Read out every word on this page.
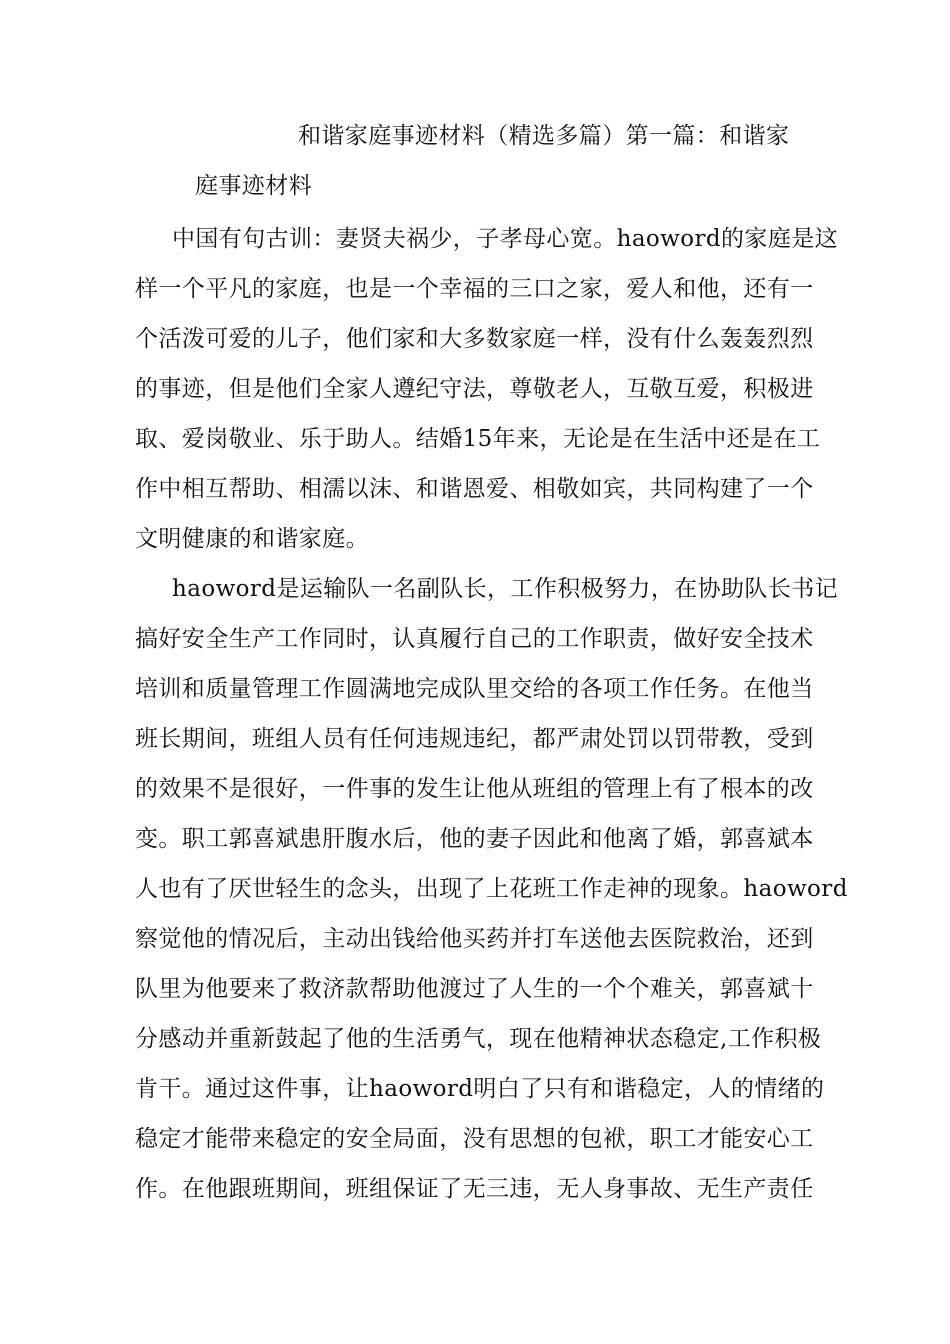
和谐家庭事迹材料（精选多篇）第一篇：和谐家
庭事迹材料
中国有句古训：妻贤夫祸少，子孝母心宽。haoword的家庭是这
样一个平凡的家庭，也是一个幸福的三口之家，爱人和他，还有一
个活泼可爱的儿子，他们家和大多数家庭一样，没有什么轰轰烈烈
的事迹，但是他们全家人遵纪守法，尊敬老人，互敬互爱，积极进
取、爱岗敬业、乐于助人。结婚15年来，无论是在生活中还是在工
作中相互帮助、相濡以沫、和谐恩爱、相敬如宾，共同构建了一个
文明健康的和谐家庭。
haoword是运输队一名副队长，工作积极努力，在协助队长书记
搞好安全生产工作同时，认真履行自己的工作职责，做好安全技术
培训和质量管理工作圆满地完成队里交给的各项工作任务。在他当
班长期间，班组人员有任何违规违纪，都严肃处罚以罚带教，受到
的效果不是很好，一件事的发生让他从班组的管理上有了根本的改
变。职工郭喜斌患肝腹水后，他的妻子因此和他离了婚，郭喜斌本
人也有了厌世轻生的念头，出现了上花班工作走神的现象。haoword
察觉他的情况后，主动出钱给他买药并打车送他去医院救治，还到
队里为他要来了救济款帮助他渡过了人生的一个个难关，郭喜斌十
分感动并重新鼓起了他的生活勇气，现在他精神状态稳定,工作积极
肯干。通过这件事，让haoword明白了只有和谐稳定，人的情绪的
稳定才能带来稳定的安全局面，没有思想的包袱，职工才能安心工
作。在他跟班期间，班组保证了无三违，无人身事故、无生产责任
